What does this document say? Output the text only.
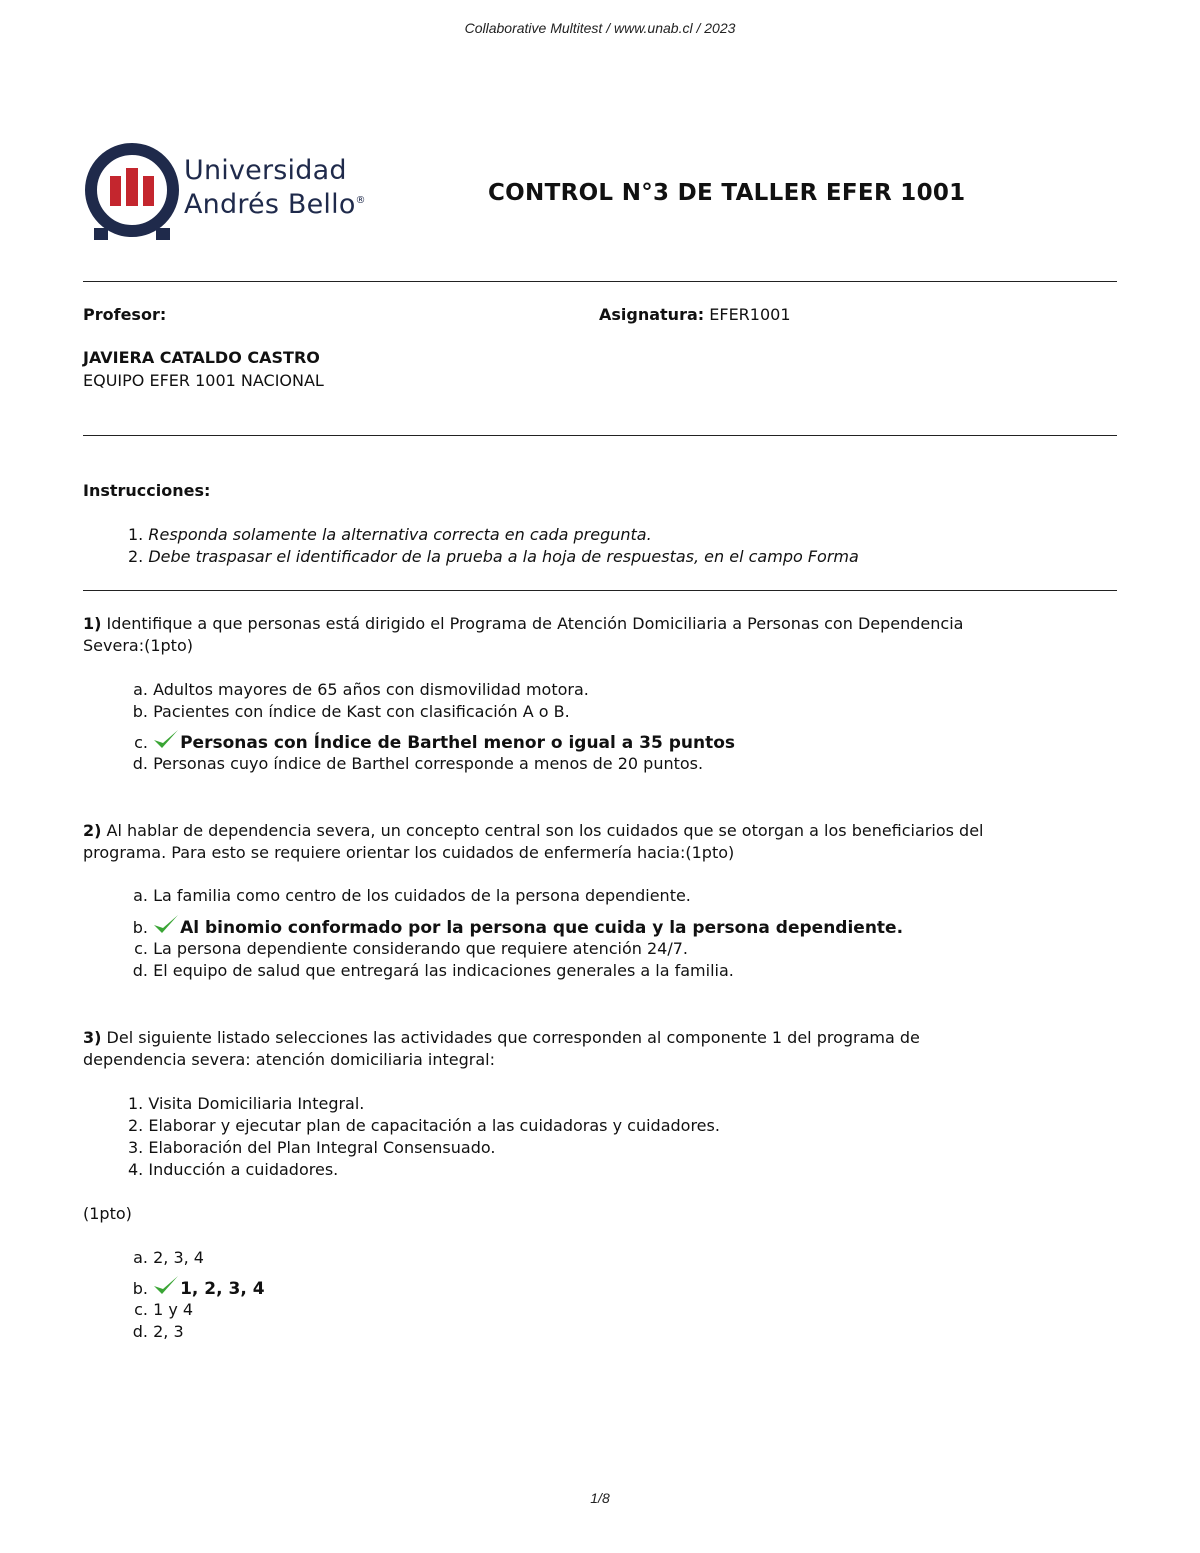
Collaborative Multitest / www.unab.cl / 2023
Universidad
Andrés Bello®	CONTROL N°3 DE TALLER EFER 1001
Profesor:	Asignatura: EFER1001
JAVIERA CATALDO CASTRO
EQUIPO EFER 1001 NACIONAL
Instrucciones:
1. Responda solamente la alternativa correcta en cada pregunta.
2. Debe traspasar el identificador de la prueba a la hoja de respuestas, en el campo Forma
1) Identifique a que personas está dirigido el Programa de Atención Domiciliaria a Personas con Dependencia
Severa:(1pto)
a. Adultos mayores de 65 años con dismovilidad motora.
b. Pacientes con índice de Kast con clasificación A o B.
c. Personas con Índice de Barthel menor o igual a 35 puntos
d. Personas cuyo índice de Barthel corresponde a menos de 20 puntos.
2) Al hablar de dependencia severa, un concepto central son los cuidados que se otorgan a los beneficiarios del
programa. Para esto se requiere orientar los cuidados de enfermería hacia:(1pto)
a. La familia como centro de los cuidados de la persona dependiente.
b. Al binomio conformado por la persona que cuida y la persona dependiente.
c. La persona dependiente considerando que requiere atención 24/7.
d. El equipo de salud que entregará las indicaciones generales a la familia.
3) Del siguiente listado selecciones las actividades que corresponden al componente 1 del programa de
dependencia severa: atención domiciliaria integral:
1. Visita Domiciliaria Integral.
2. Elaborar y ejecutar plan de capacitación a las cuidadoras y cuidadores.
3. Elaboración del Plan Integral Consensuado.
4. Inducción a cuidadores.
(1pto)
a. 2, 3, 4
b. 1, 2, 3, 4
c. 1 y 4
d. 2, 3
1/8
